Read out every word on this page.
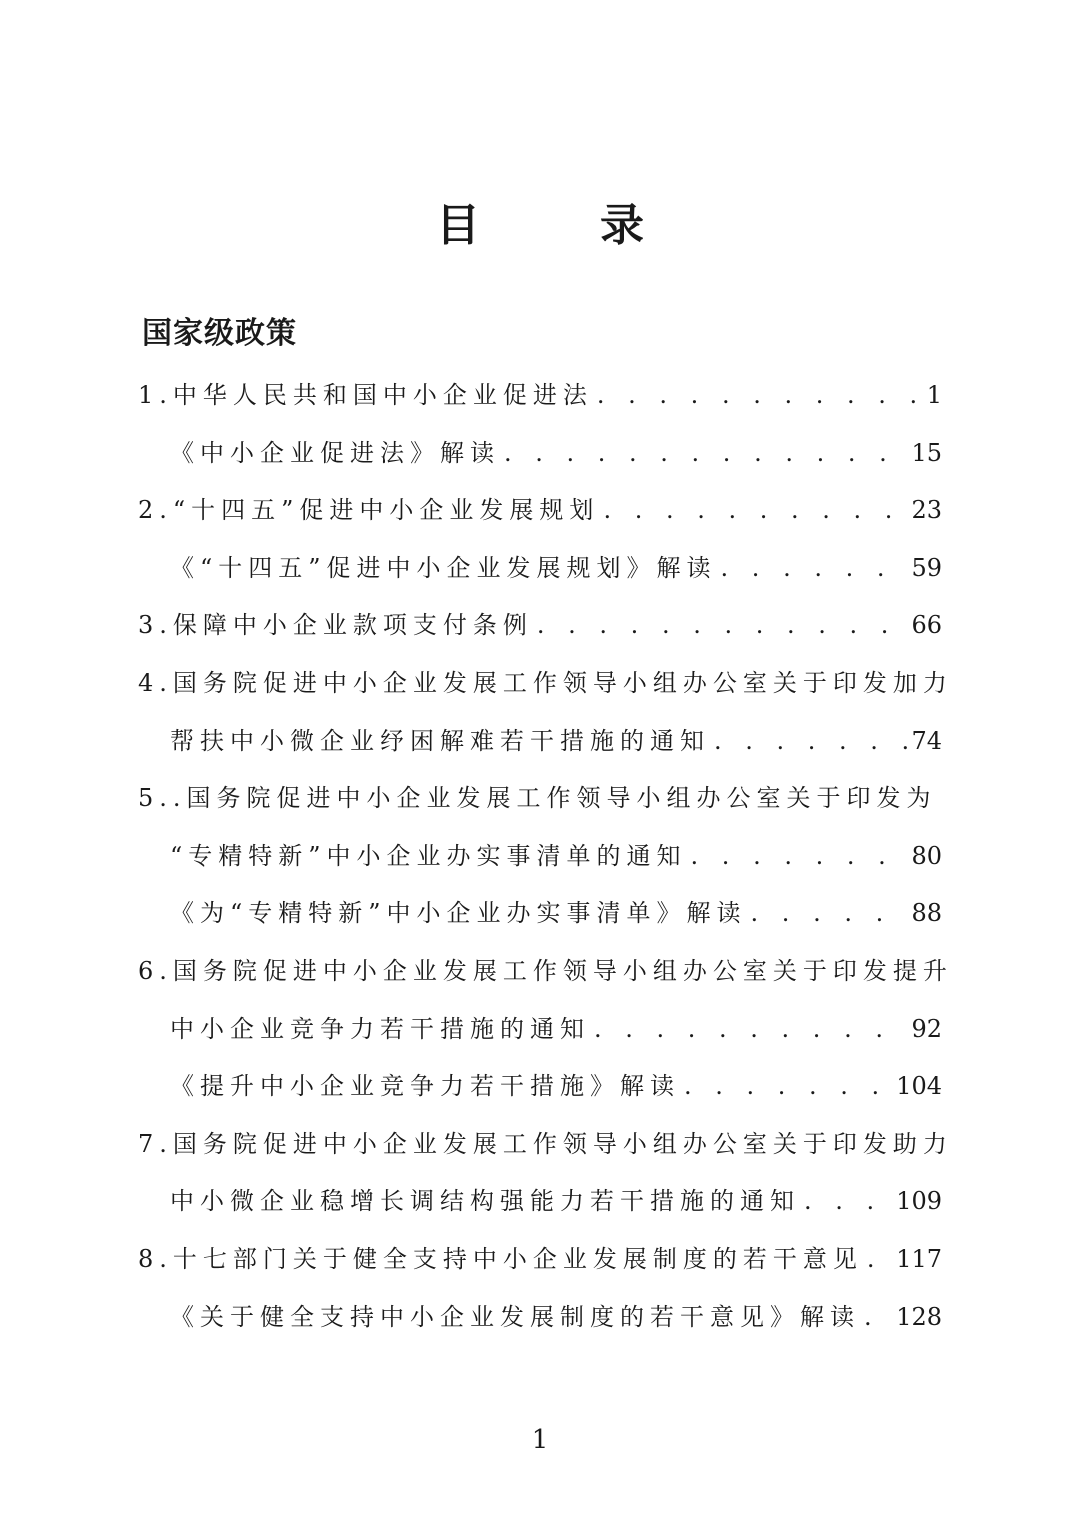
目录
国家级政策
1.中华人民共和国中小企业促进法 . . .	1
《中小企业促进法》解读 . . .	15
2.“十四五”促进中小企业发展规划 . . .	23
《“十四五”促进中小企业发展规划》解读 . . .	59
3.保障中小企业款项支付条例 . . .	66
4.国务院促进中小企业发展工作领导小组办公室关于印发加力
帮扶中小微企业纾困解难若干措施的通知 . . .	74
5..国务院促进中小企业发展工作领导小组办公室关于印发为
“专精特新”中小企业办实事清单的通知 . . .	80
《为“专精特新”中小企业办实事清单》解读 . . .	88
6.国务院促进中小企业发展工作领导小组办公室关于印发提升
中小企业竞争力若干措施的通知 . . .	92
《提升中小企业竞争力若干措施》解读 . . .	104
7.国务院促进中小企业发展工作领导小组办公室关于印发助力
中小微企业稳增长调结构强能力若干措施的通知 . . .	109
8.十七部门关于健全支持中小企业发展制度的若干意见 . . . 117
《关于健全支持中小企业发展制度的若干意见》解读 . . . 128
1
